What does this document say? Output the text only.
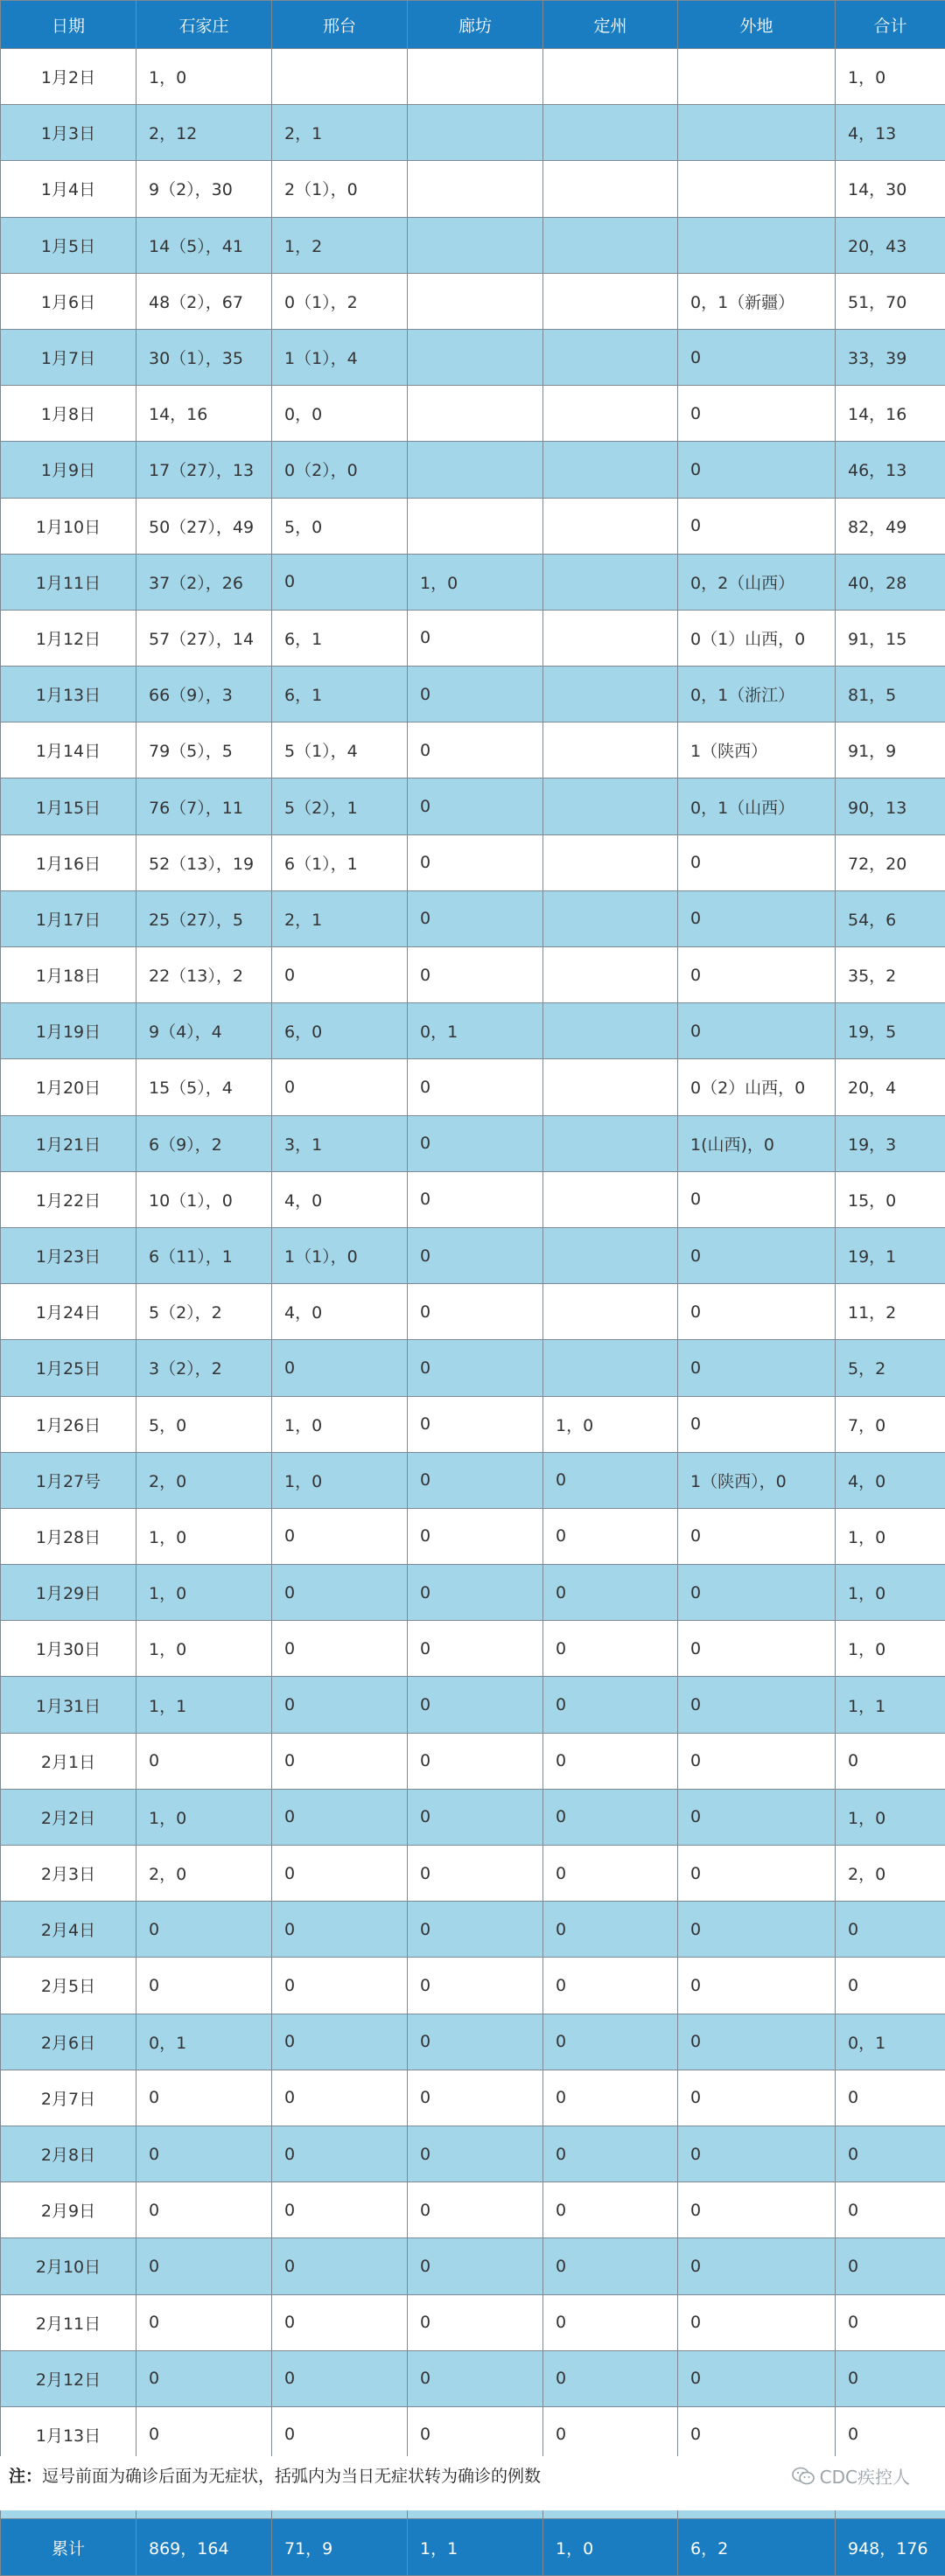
日期	石家庄	邢台	廊坊	定州	外地	合计
1月2日	1，0					1，0
1月3日	2，12	2，1				4，13
1月4日	9（2），30	2（1），0				14，30
1月5日	14（5），41	1，2				20，43
1月6日	48（2），67	0（1），2			0，1（新疆）	51，70
1月7日	30（1），35	1（1），4			0	33，39
1月8日	14，16	0，0			0	14，16
1月9日	17（27），13	0（2），0			0	46，13
1月10日	50（27），49	5，0			0	82，49
1月11日	37（2），26	0	1，0		0，2（山西）	40，28
1月12日	57（27），14	6，1	0		0（1）山西，0	91，15
1月13日	66（9），3	6，1	0		0，1（浙江）	81，5
1月14日	79（5），5	5（1），4	0		1（陕西）	91，9
1月15日	76（7），11	5（2），1	0		0，1（山西）	90，13
1月16日	52（13），19	6（1），1	0		0	72，20
1月17日	25（27），5	2，1	0		0	54，6
1月18日	22（13），2	0	0		0	35，2
1月19日	9（4），4	6，0	0，1		0	19，5
1月20日	15（5），4	0	0		0（2）山西，0	20，4
1月21日	6（9），2	3，1	0		1(山西)，0	19，3
1月22日	10（1），0	4，0	0		0	15，0
1月23日	6（11），1	1（1），0	0		0	19，1
1月24日	5（2），2	4，0	0		0	11，2
1月25日	3（2），2	0	0		0	5，2
1月26日	5，0	1，0	0	1，0	0	7，0
1月27号	2，0	1，0	0	0	1（陕西），0	4，0
1月28日	1，0	0	0	0	0	1，0
1月29日	1，0	0	0	0	0	1，0
1月30日	1，0	0	0	0	0	1，0
1月31日	1，1	0	0	0	0	1，1
2月1日	0	0	0	0	0	0
2月2日	1，0	0	0	0	0	1，0
2月3日	2，0	0	0	0	0	2，0
2月4日	0	0	0	0	0	0
2月5日	0	0	0	0	0	0
2月6日	0，1	0	0	0	0	0，1
2月7日	0	0	0	0	0	0
2月8日	0	0	0	0	0	0
2月9日	0	0	0	0	0	0
2月10日	0	0	0	0	0	0
2月11日	0	0	0	0	0	0
2月12日	0	0	0	0	0	0
1月13日	0	0	0	0	0	0

累计	869，164	71，9	1，1	1，0	6，2	948，176
注：逗号前面为确诊后面为无症状，括弧内为当日无症状转为确诊的例数	CDC疾控人
